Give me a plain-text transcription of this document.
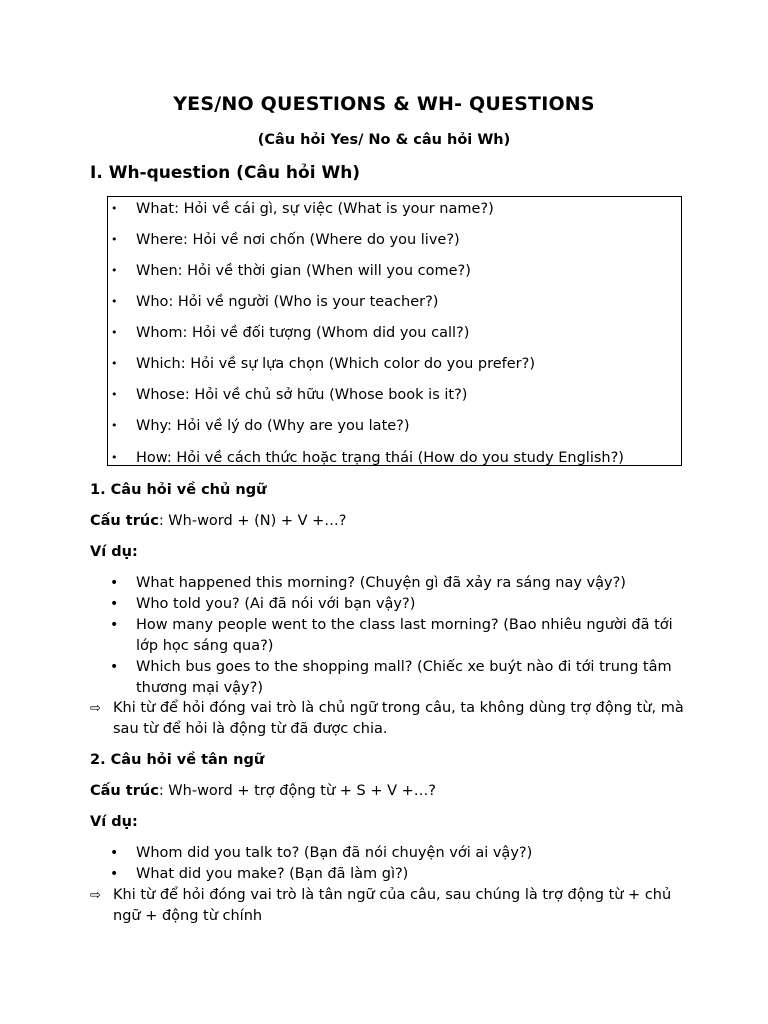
YES/NO QUESTIONS & WH- QUESTIONS
(Câu hỏi Yes/ No & câu hỏi Wh)
I. Wh-question (Câu hỏi Wh)
• What: Hỏi về cái gì, sự việc (What is your name?)
• Where: Hỏi về nơi chốn (Where do you live?)
• When: Hỏi về thời gian (When will you come?)
• Who: Hỏi về người (Who is your teacher?)
• Whom: Hỏi về đối tượng (Whom did you call?)
• Which: Hỏi về sự lựa chọn (Which color do you prefer?)
• Whose: Hỏi về chủ sở hữu (Whose book is it?)
• Why: Hỏi về lý do (Why are you late?)
• How: Hỏi về cách thức hoặc trạng thái (How do you study English?)
1. Câu hỏi về chủ ngữ
Cấu trúc: Wh-word + (N) + V +…?
Ví dụ:
• What happened this morning? (Chuyện gì đã xảy ra sáng nay vậy?)
• Who told you? (Ai đã nói với bạn vậy?)
• How many people went to the class last morning? (Bao nhiêu người đã tới lớp học sáng qua?)
• Which bus goes to the shopping mall? (Chiếc xe buýt nào đi tới trung tâm thương mại vậy?)
⇨ Khi từ để hỏi đóng vai trò là chủ ngữ trong câu, ta không dùng trợ động từ, mà sau từ để hỏi là động từ đã được chia.
2. Câu hỏi về tân ngữ
Cấu trúc: Wh-word + trợ động từ + S + V +…?
Ví dụ:
• Whom did you talk to? (Bạn đã nói chuyện với ai vậy?)
• What did you make? (Bạn đã làm gì?)
⇨ Khi từ để hỏi đóng vai trò là tân ngữ của câu, sau chúng là trợ động từ + chủ ngữ + động từ chính
